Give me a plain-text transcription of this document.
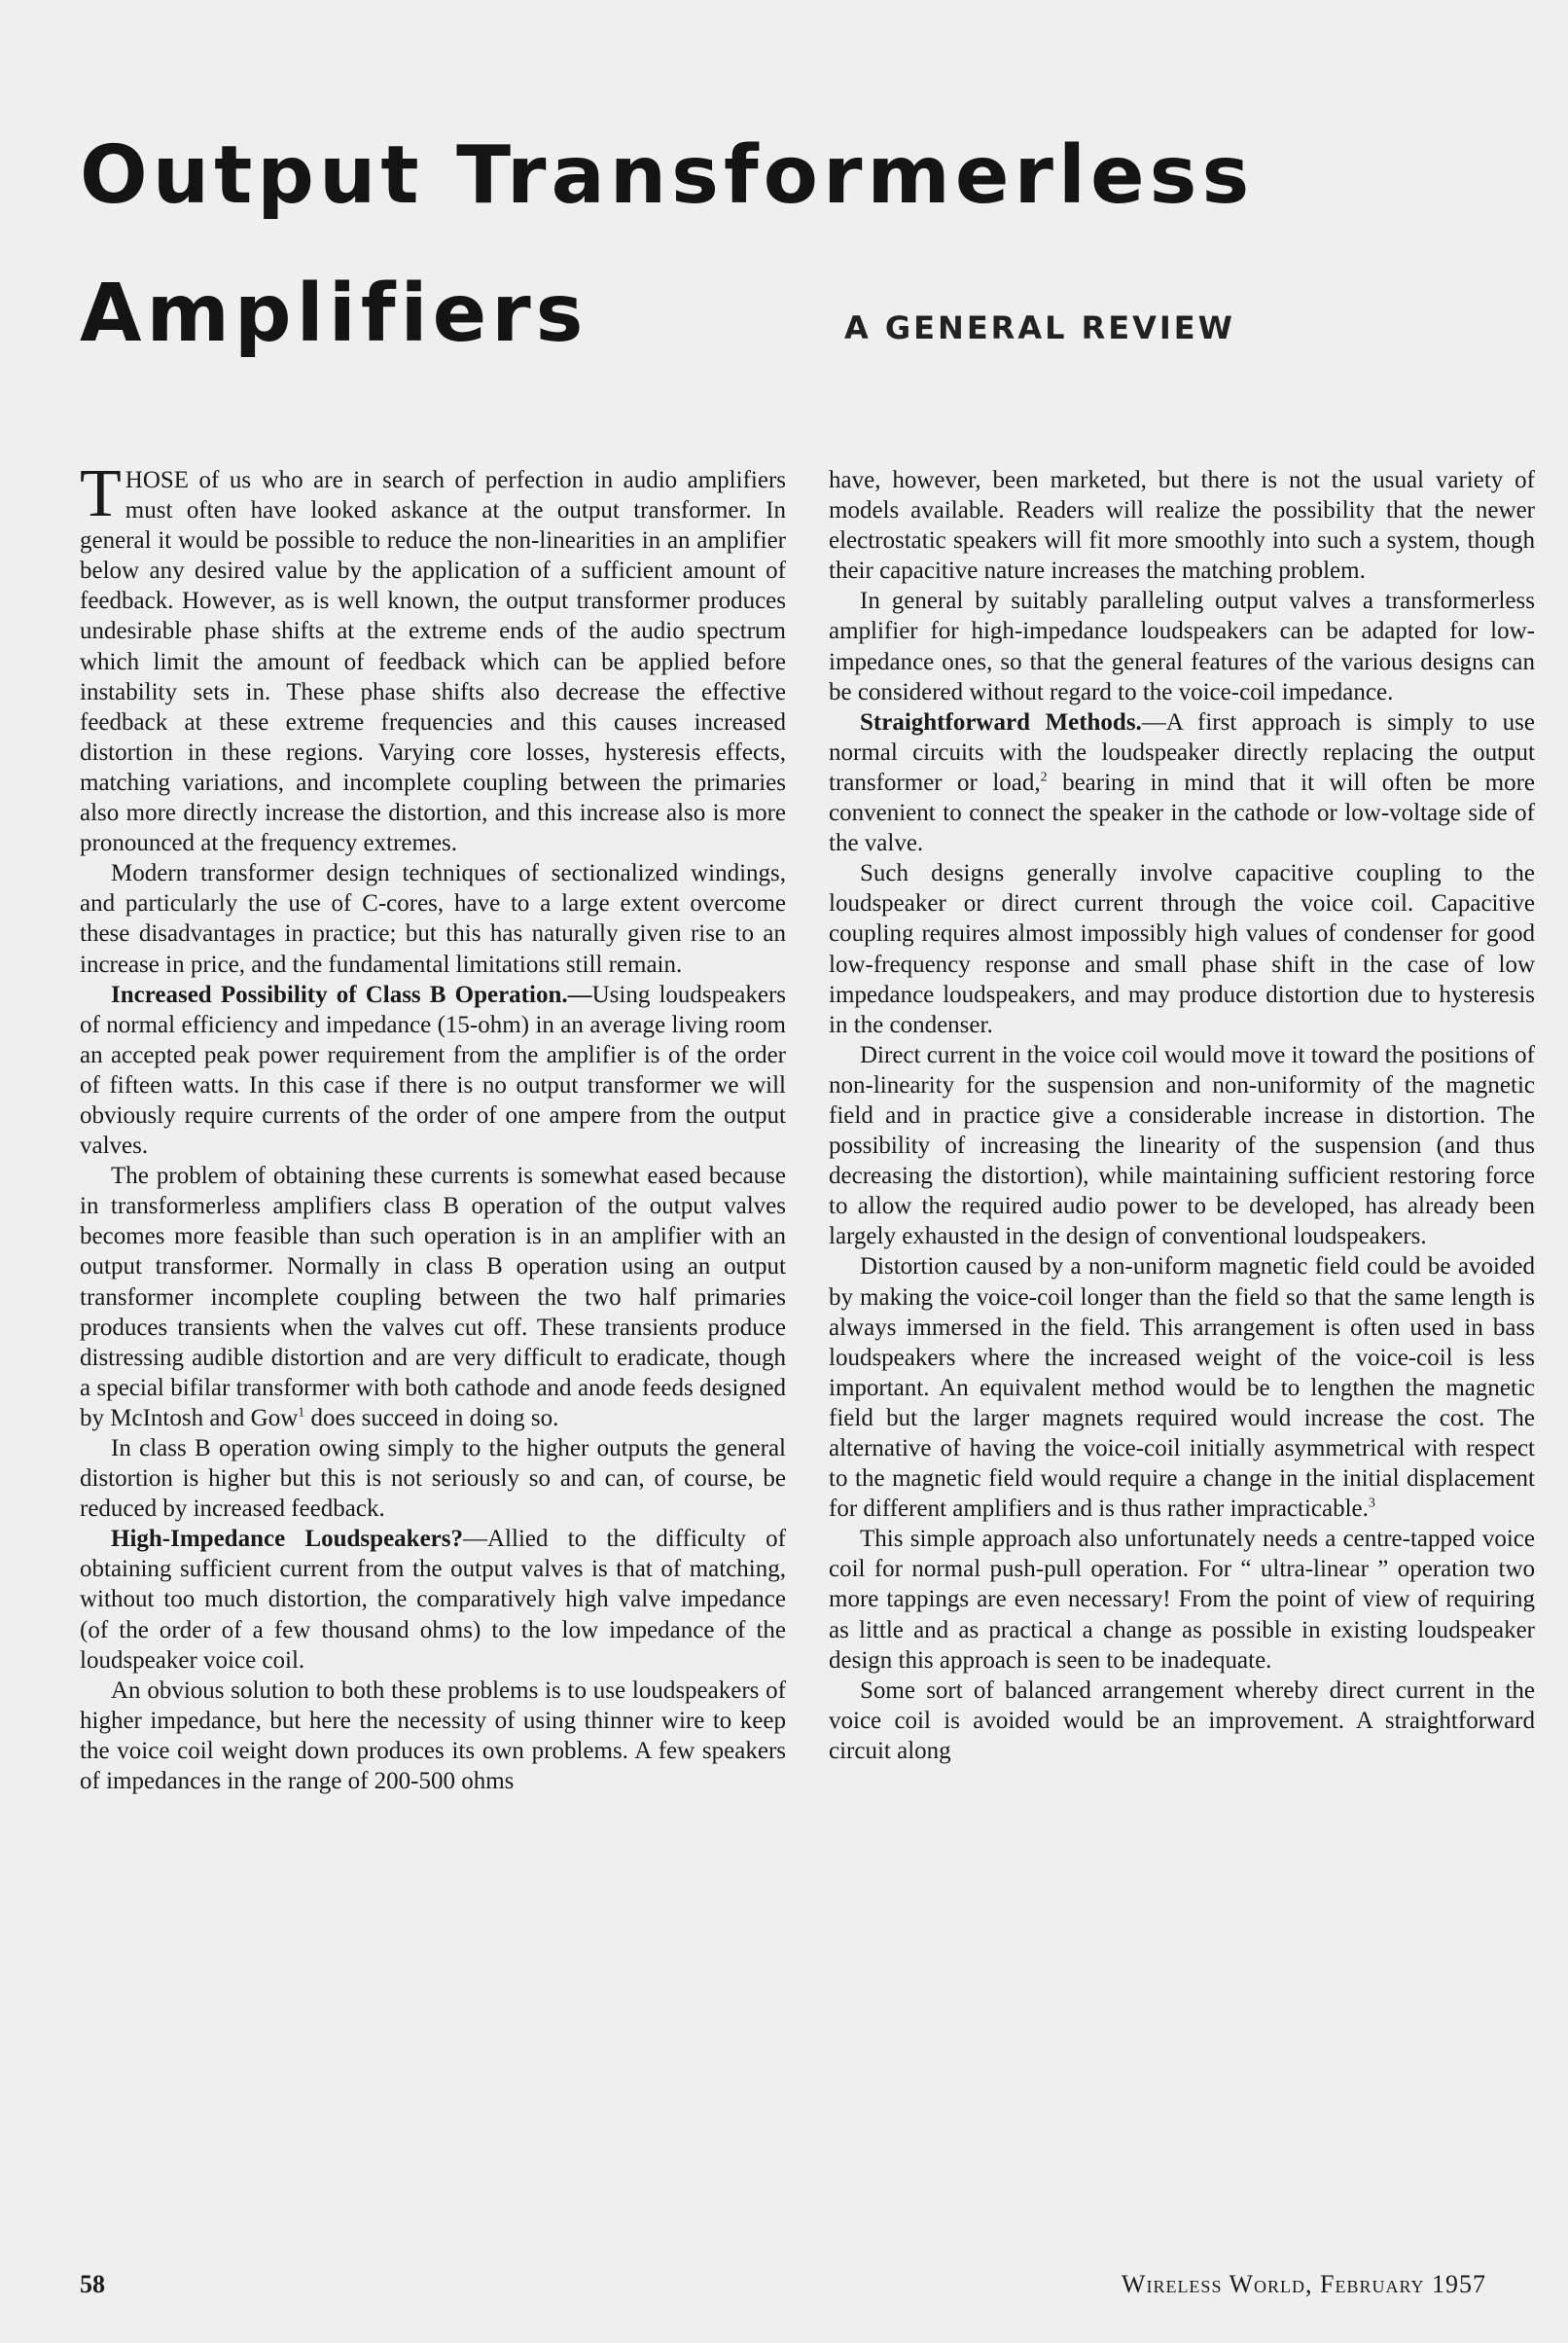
Output Transformerless
Amplifiers	A GENERAL REVIEW

THOSE of us who are in search of perfection in audio amplifiers must often have looked askance at the output transformer. In general it would be possible to reduce the non-linearities in an amplifier below any desired value by the application of a sufficient amount of feedback. However, as is well known, the output transformer produces undesirable phase shifts at the extreme ends of the audio spectrum which limit the amount of feedback which can be applied before instability sets in. These phase shifts also decrease the effective feedback at these extreme frequencies and this causes increased distortion in these regions. Varying core losses, hysteresis effects, matching variations, and incomplete coupling between the primaries also more directly increase the distortion, and this increase also is more pronounced at the frequency extremes.

Modern transformer design techniques of sectionalized windings, and particularly the use of C-cores, have to a large extent overcome these disadvantages in practice; but this has naturally given rise to an increase in price, and the fundamental limitations still remain.

Increased Possibility of Class B Operation.—Using loudspeakers of normal efficiency and impedance (15-ohm) in an average living room an accepted peak power requirement from the amplifier is of the order of fifteen watts. In this case if there is no output transformer we will obviously require currents of the order of one ampere from the output valves.

The problem of obtaining these currents is somewhat eased because in transformerless amplifiers class B operation of the output valves becomes more feasible than such operation is in an amplifier with an output transformer. Normally in class B operation using an output transformer incomplete coupling between the two half primaries produces transients when the valves cut off. These transients produce distressing audible distortion and are very difficult to eradicate, though a special bifilar transformer with both cathode and anode feeds designed by McIntosh and Gow$^1$ does succeed in doing so.

In class B operation owing simply to the higher outputs the general distortion is higher but this is not seriously so and can, of course, be reduced by increased feedback.

High-Impedance Loudspeakers?—Allied to the difficulty of obtaining sufficient current from the output valves is that of matching, without too much distortion, the comparatively high valve impedance (of the order of a few thousand ohms) to the low impedance of the loudspeaker voice coil.

An obvious solution to both these problems is to use loudspeakers of higher impedance, but here the necessity of using thinner wire to keep the voice coil weight down produces its own problems. A few speakers of impedances in the range of 200-500 ohms

have, however, been marketed, but there is not the usual variety of models available. Readers will realize the possibility that the newer electrostatic speakers will fit more smoothly into such a system, though their capacitive nature increases the matching problem.

In general by suitably paralleling output valves a transformerless amplifier for high-impedance loudspeakers can be adapted for low-impedance ones, so that the general features of the various designs can be considered without regard to the voice-coil impedance.

Straightforward Methods.—A first approach is simply to use normal circuits with the loudspeaker directly replacing the output transformer or load,$^2$ bearing in mind that it will often be more convenient to connect the speaker in the cathode or low-voltage side of the valve.

Such designs generally involve capacitive coupling to the loudspeaker or direct current through the voice coil. Capacitive coupling requires almost impossibly high values of condenser for good low-frequency response and small phase shift in the case of low impedance loudspeakers, and may produce distortion due to hysteresis in the condenser.

Direct current in the voice coil would move it toward the positions of non-linearity for the suspension and non-uniformity of the magnetic field and in practice give a considerable increase in distortion. The possibility of increasing the linearity of the suspension (and thus decreasing the distortion), while maintaining sufficient restoring force to allow the required audio power to be developed, has already been largely exhausted in the design of conventional loudspeakers.

Distortion caused by a non-uniform magnetic field could be avoided by making the voice-coil longer than the field so that the same length is always immersed in the field. This arrangement is often used in bass loudspeakers where the increased weight of the voice-coil is less important. An equivalent method would be to lengthen the magnetic field but the larger magnets required would increase the cost. The alternative of having the voice-coil initially asymmetrical with respect to the magnetic field would require a change in the initial displacement for different amplifiers and is thus rather impracticable.$^3$

This simple approach also unfortunately needs a centre-tapped voice coil for normal push-pull operation. For “ ultra-linear ” operation two more tappings are even necessary! From the point of view of requiring as little and as practical a change as possible in existing loudspeaker design this approach is seen to be inadequate.

Some sort of balanced arrangement whereby direct current in the voice coil is avoided would be an improvement. A straightforward circuit along

58	Wireless World, February 1957
